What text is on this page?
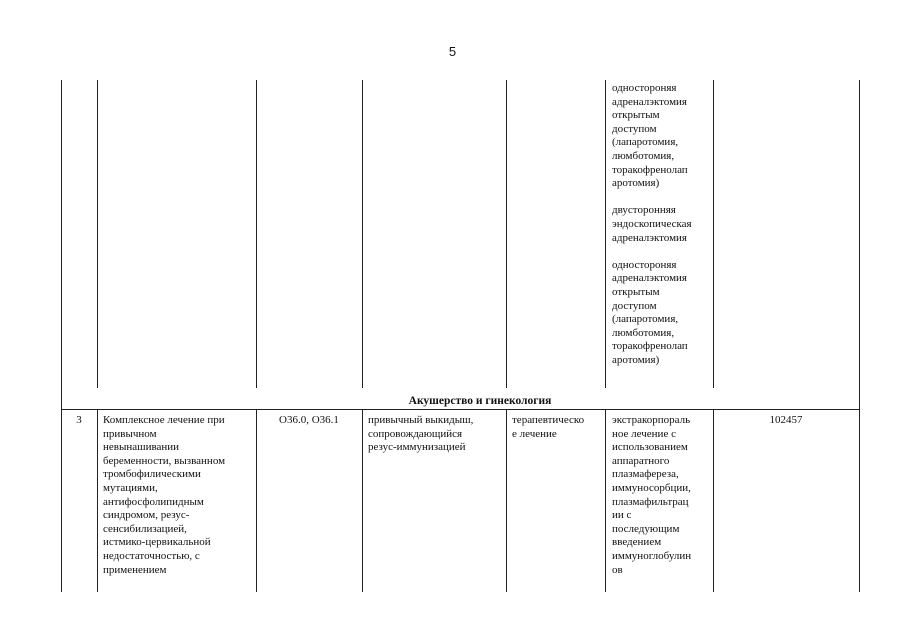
5
одностороняя
адреналэктомия
открытым
доступом
(лапаротомия,
люмботомия,
торакофренолап
аротомия)

двусторонняя
эндоскопическая
адреналэктомия

одностороняя
адреналэктомия
открытым
доступом
(лапаротомия,
люмботомия,
торакофренолап
аротомия)
Акушерство и гинекология
3	Комплексное лечение при
привычном
невынашивании
беременности, вызванном
тромбофилическими
мутациями,
антифосфолипидным
синдромом, резус-
сенсибилизацией,
истмико-цервикальной
недостаточностью, с
применением
O36.0, O36.1	привычный выкидыш,
сопровождающийся
резус-иммунизацией
терапевтическо
е лечение
экстракорпораль
ное лечение с
использованием
аппаратного
плазмафереза,
иммуносорбции,
плазмафильтрац
ии с
последующим
введением
иммуноглобулин
ов
102457
